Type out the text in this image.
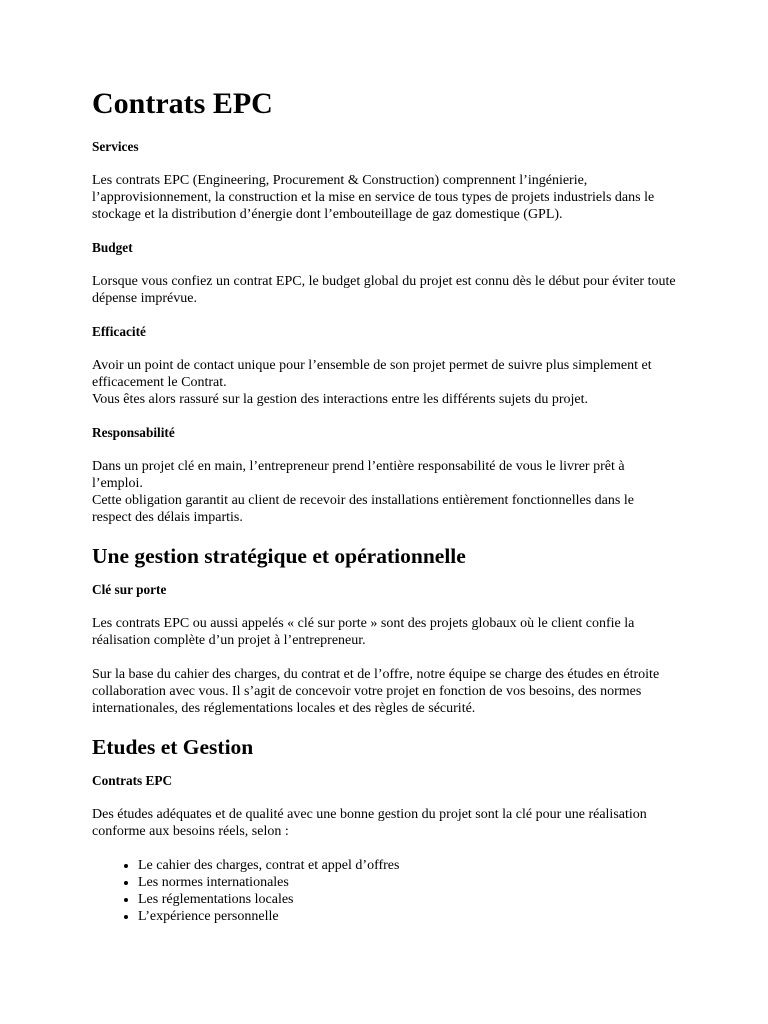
Contrats EPC
Services

Les contrats EPC (Engineering, Procurement & Construction) comprennent l’ingénierie, l’approvisionnement, la construction et la mise en service de tous types de projets industriels dans le stockage et la distribution d’énergie dont l’embouteillage de gaz domestique (GPL).

Budget

Lorsque vous confiez un contrat EPC, le budget global du projet est connu dès le début pour éviter toute dépense imprévue.

Efficacité

Avoir un point de contact unique pour l’ensemble de son projet permet de suivre plus simplement et efficacement le Contrat.
Vous êtes alors rassuré sur la gestion des interactions entre les différents sujets du projet.

Responsabilité

Dans un projet clé en main, l’entrepreneur prend l’entière responsabilité de vous le livrer prêt à l’emploi.
Cette obligation garantit au client de recevoir des installations entièrement fonctionnelles dans le respect des délais impartis.

Une gestion stratégique et opérationnelle
Clé sur porte

Les contrats EPC ou aussi appelés « clé sur porte » sont des projets globaux où le client confie la réalisation complète d’un projet à l’entrepreneur.

Sur la base du cahier des charges, du contrat et de l’offre, notre équipe se charge des études en étroite collaboration avec vous. Il s’agit de concevoir votre projet en fonction de vos besoins, des normes internationales, des réglementations locales et des règles de sécurité.

Etudes et Gestion
Contrats EPC

Des études adéquates et de qualité avec une bonne gestion du projet sont la clé pour une réalisation conforme aux besoins réels, selon :

• Le cahier des charges, contrat et appel d’offres
• Les normes internationales
• Les réglementations locales
• L’expérience personnelle
